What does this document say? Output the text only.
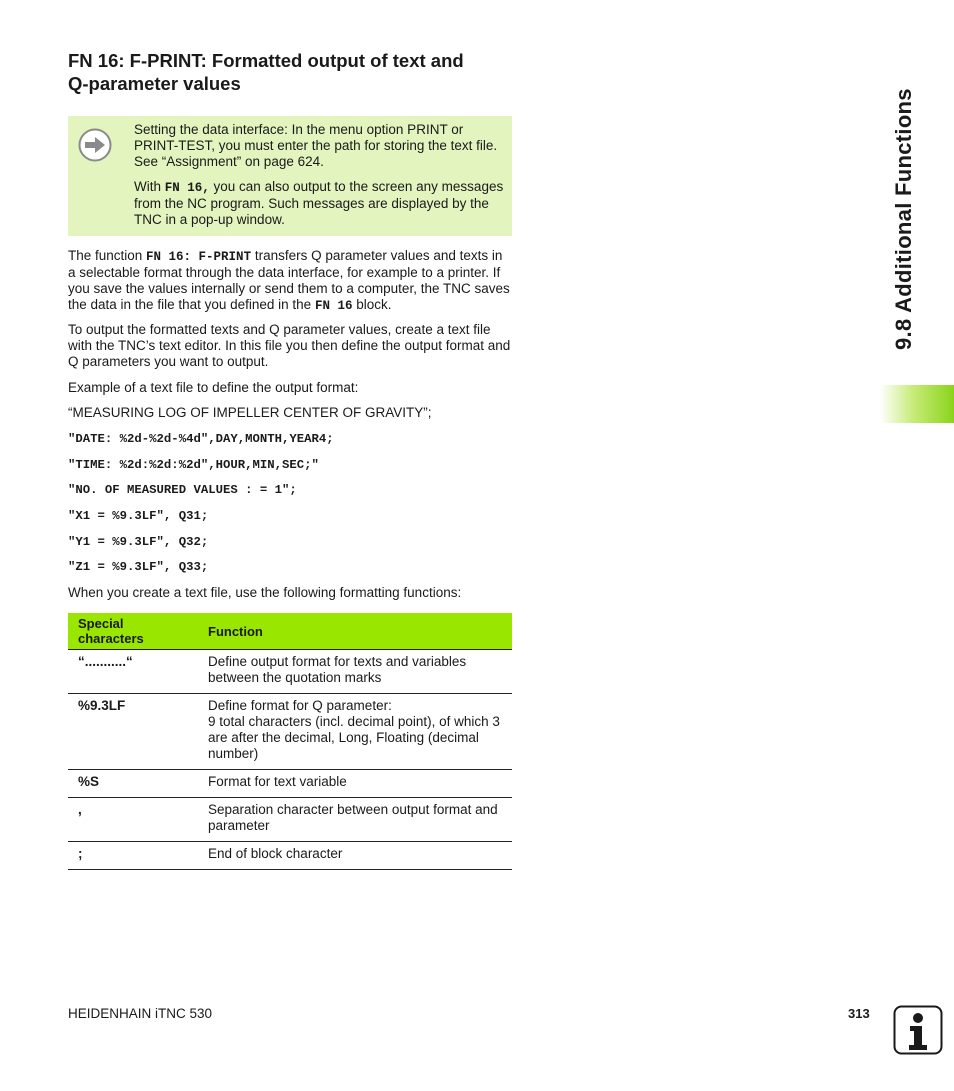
FN 16: F-PRINT: Formatted output of text and
Q-parameter values

Setting the data interface: In the menu option PRINT or PRINT-TEST, you must enter the path for storing the text file. See “Assignment” on page 624.

With FN 16, you can also output to the screen any messages from the NC program. Such messages are displayed by the TNC in a pop-up window.

The function FN 16: F-PRINT transfers Q parameter values and texts in a selectable format through the data interface, for example to a printer. If you save the values internally or send them to a computer, the TNC saves the data in the file that you defined in the FN 16 block.

To output the formatted texts and Q parameter values, create a text file with the TNC’s text editor. In this file you then define the output format and Q parameters you want to output.

Example of a text file to define the output format:

“MEASURING LOG OF IMPELLER CENTER OF GRAVITY”;

"DATE: %2d-%2d-%4d",DAY,MONTH,YEAR4;
"TIME: %2d:%2d:%2d",HOUR,MIN,SEC;"
"NO. OF MEASURED VALUES : = 1";
"X1 = %9.3LF", Q31;
"Y1 = %9.3LF", Q32;
"Z1 = %9.3LF", Q33;

When you create a text file, use the following formatting functions:

Special
characters	Function
“...........“	Define output format for texts and variables between the quotation marks
%9.3LF	Define format for Q parameter:
9 total characters (incl. decimal point), of which 3 are after the decimal, Long, Floating (decimal number)
%S	Format for text variable
,	Separation character between output format and parameter
;	End of block character
9.8 Additional Functions
HEIDENHAIN iTNC 530	313
